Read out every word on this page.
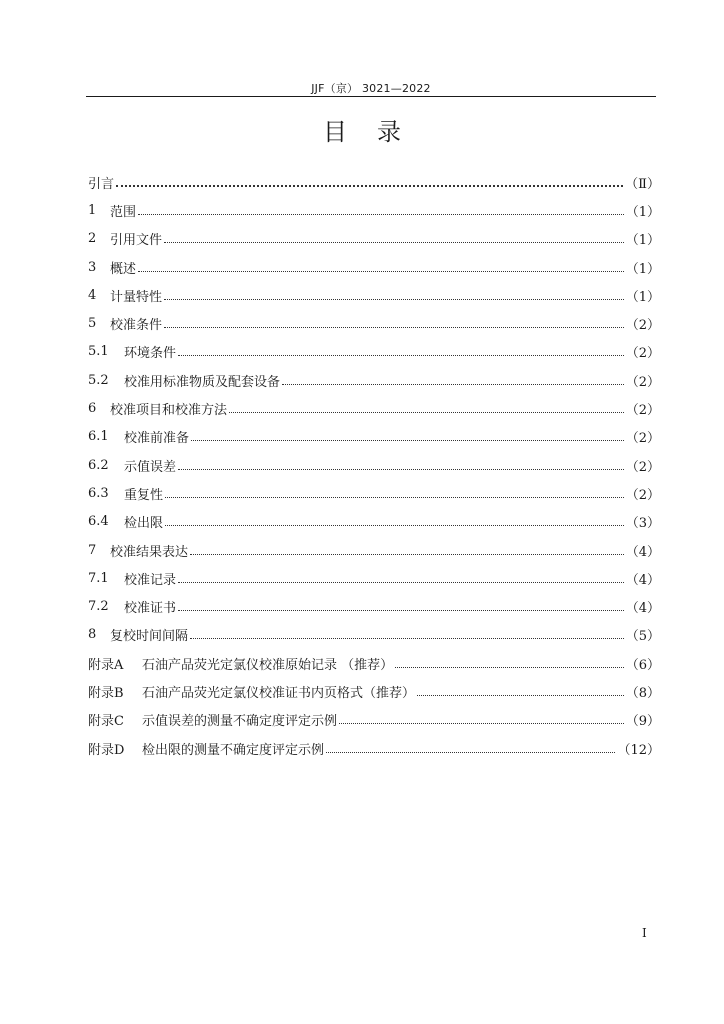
JJF（京） 3021—2022
目录
引言	（Ⅱ）
1	范围	（1）
2	引用文件	（1）
3	概述	（1）
4	计量特性	（1）
5	校准条件	（2）
5.1	环境条件	（2）
5.2	校准用标准物质及配套设备	（2）
6	校准项目和校准方法	（2）
6.1	校准前准备	（2）
6.2	示值误差	（2）
6.3	重复性	（2）
6.4	检出限	（3）
7	校准结果表达	（4）
7.1	校准记录	（4）
7.2	校准证书	（4）
8	复校时间间隔	（5）
附录A	石油产品荧光定氯仪校准原始记录 （推荐）	（6）
附录B	石油产品荧光定氯仪校准证书内页格式（推荐）	（8）
附录C	示值误差的测量不确定度评定示例	（9）
附录D	检出限的测量不确定度评定示例	（12）
I
